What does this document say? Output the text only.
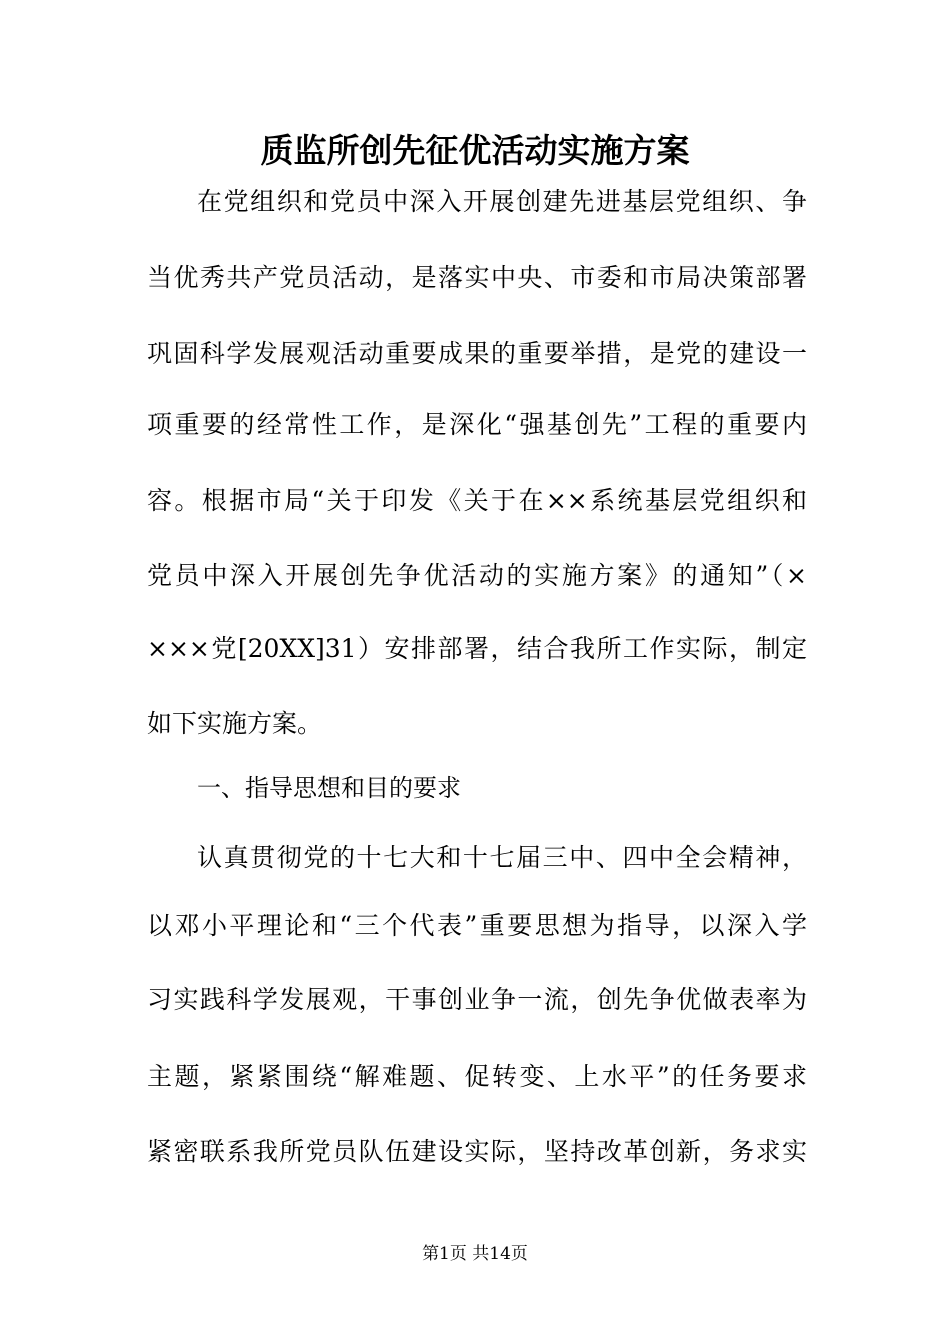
质监所创先征优活动实施方案
在党组织和党员中深入开展创建先进基层党组织、争
当优秀共产党员活动，是落实中央、市委和市局决策部署
巩固科学发展观活动重要成果的重要举措，是党的建设一
项重要的经常性工作，是深化“强基创先”工程的重要内
容。根据市局“关于印发《关于在××系统基层党组织和
党员中深入开展创先争优活动的实施方案》的通知”（×
×××党[20XX]31）安排部署，结合我所工作实际，制定
如下实施方案。
一、指导思想和目的要求
认真贯彻党的十七大和十七届三中、四中全会精神，
以邓小平理论和“三个代表”重要思想为指导，以深入学
习实践科学发展观，干事创业争一流，创先争优做表率为
主题，紧紧围绕“解难题、促转变、上水平”的任务要求
紧密联系我所党员队伍建设实际，坚持改革创新，务求实
第1页 共14页
